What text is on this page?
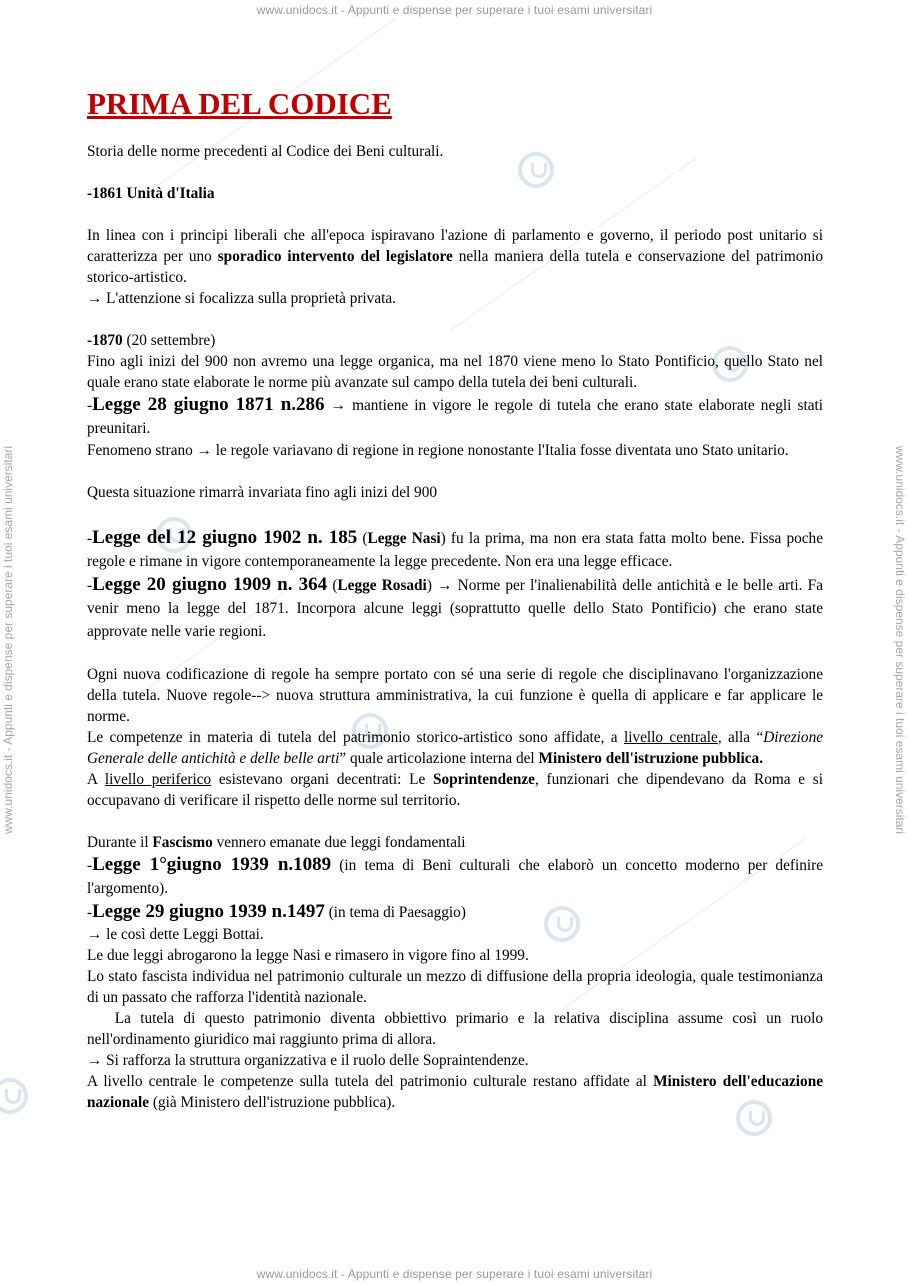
www.unidocs.it - Appunti e dispense per superare i tuoi esami universitari
www.unidocs.it - Appunti e dispense per superare i tuoi esami universitari
www.unidocs.it - Appunti e dispense per superare i tuoi esami universitari	www.unidocs.it - Appunti e dispense per superare i tuoi esami universitari
PRIMA DEL CODICE

Storia delle norme precedenti al Codice dei Beni culturali.

-1861 Unità d'Italia

In linea con i principi liberali che all'epoca ispiravano l'azione di parlamento e governo, il periodo post unitario si caratterizza per uno sporadico intervento del legislatore nella maniera della tutela e conservazione del patrimonio storico-artistico.

→ L'attenzione si focalizza sulla proprietà privata.

-1870 (20 settembre)

Fino agli inizi del 900 non avremo una legge organica, ma nel 1870 viene meno lo Stato Pontificio, quello Stato nel quale erano state elaborate le norme più avanzate sul campo della tutela dei beni culturali.

-Legge 28 giugno 1871 n.286 → mantiene in vigore le regole di tutela che erano state elaborate negli stati preunitari.

Fenomeno strano → le regole variavano di regione in regione nonostante l'Italia fosse diventata uno Stato unitario.

Questa situazione rimarrà invariata fino agli inizi del 900

-Legge del 12 giugno 1902 n. 185 (Legge Nasi) fu la prima, ma non era stata fatta molto bene. Fissa poche regole e rimane in vigore contemporaneamente la legge precedente. Non era una legge efficace.

-Legge 20 giugno 1909 n. 364 (Legge Rosadi) → Norme per l'inalienabilità delle antichità e le belle arti. Fa venir meno la legge del 1871. Incorpora alcune leggi (soprattutto quelle dello Stato Pontificio) che erano state approvate nelle varie regioni.

Ogni nuova codificazione di regole ha sempre portato con sé una serie di regole che disciplinavano l'organizzazione della tutela. Nuove regole--> nuova struttura amministrativa, la cui funzione è quella di applicare e far applicare le norme.

Le competenze in materia di tutela del patrimonio storico-artistico sono affidate, a livello centrale, alla “Direzione Generale delle antichità e delle belle arti” quale articolazione interna del Ministero dell'istruzione pubblica.

A livello periferico esistevano organi decentrati: Le Soprintendenze, funzionari che dipendevano da Roma e si occupavano di verificare il rispetto delle norme sul territorio.

Durante il Fascismo vennero emanate due leggi fondamentali

-Legge 1°giugno 1939 n.1089 (in tema di Beni culturali che elaborò un concetto moderno per definire l'argomento).

-Legge 29 giugno 1939 n.1497 (in tema di Paesaggio)

→ le così dette Leggi Bottai.

Le due leggi abrogarono la legge Nasi e rimasero in vigore fino al 1999.

Lo stato fascista individua nel patrimonio culturale un mezzo di diffusione della propria ideologia, quale testimonianza di un passato che rafforza l'identità nazionale.

La tutela di questo patrimonio diventa obbiettivo primario e la relativa disciplina assume così un ruolo nell'ordinamento giuridico mai raggiunto prima di allora.

→ Si rafforza la struttura organizzativa e il ruolo delle Sopraintendenze.

A livello centrale le competenze sulla tutela del patrimonio culturale restano affidate al Ministero dell'educazione nazionale (già Ministero dell'istruzione pubblica).
